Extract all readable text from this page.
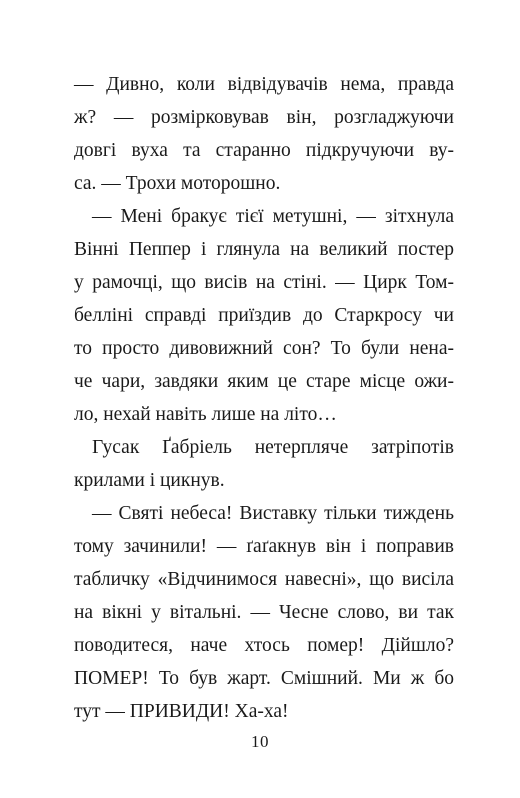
— Дивно, коли відвідувачів нема, правда
ж? — розмірковував він, розгладжуючи
довгі вуха та старанно підкручуючи ву-
са. — Трохи моторошно.
— Мені бракує тієї метушні, — зітхнула
Вінні Пеппер і глянула на великий постер
у рамочці, що висів на стіні. — Цирк Том-
белліні справді приїздив до Старкросу чи
то просто дивовижний сон? То були нена-
че чари, завдяки яким це старе місце ожи-
ло, нехай навіть лише на літо…
Гусак Ґабріель нетерпляче затріпотів
крилами і цикнув.
— Святі небеса! Виставку тільки тиждень
тому зачинили! — ґаґакнув він і поправив
табличку «Відчинимося навесні», що висіла
на вікні у вітальні. — Чесне слово, ви так
поводитеся, наче хтось помер! Дійшло?
ПОМЕР! То був жарт. Смішний. Ми ж бо
тут — ПРИВИДИ! Ха-ха!
10
